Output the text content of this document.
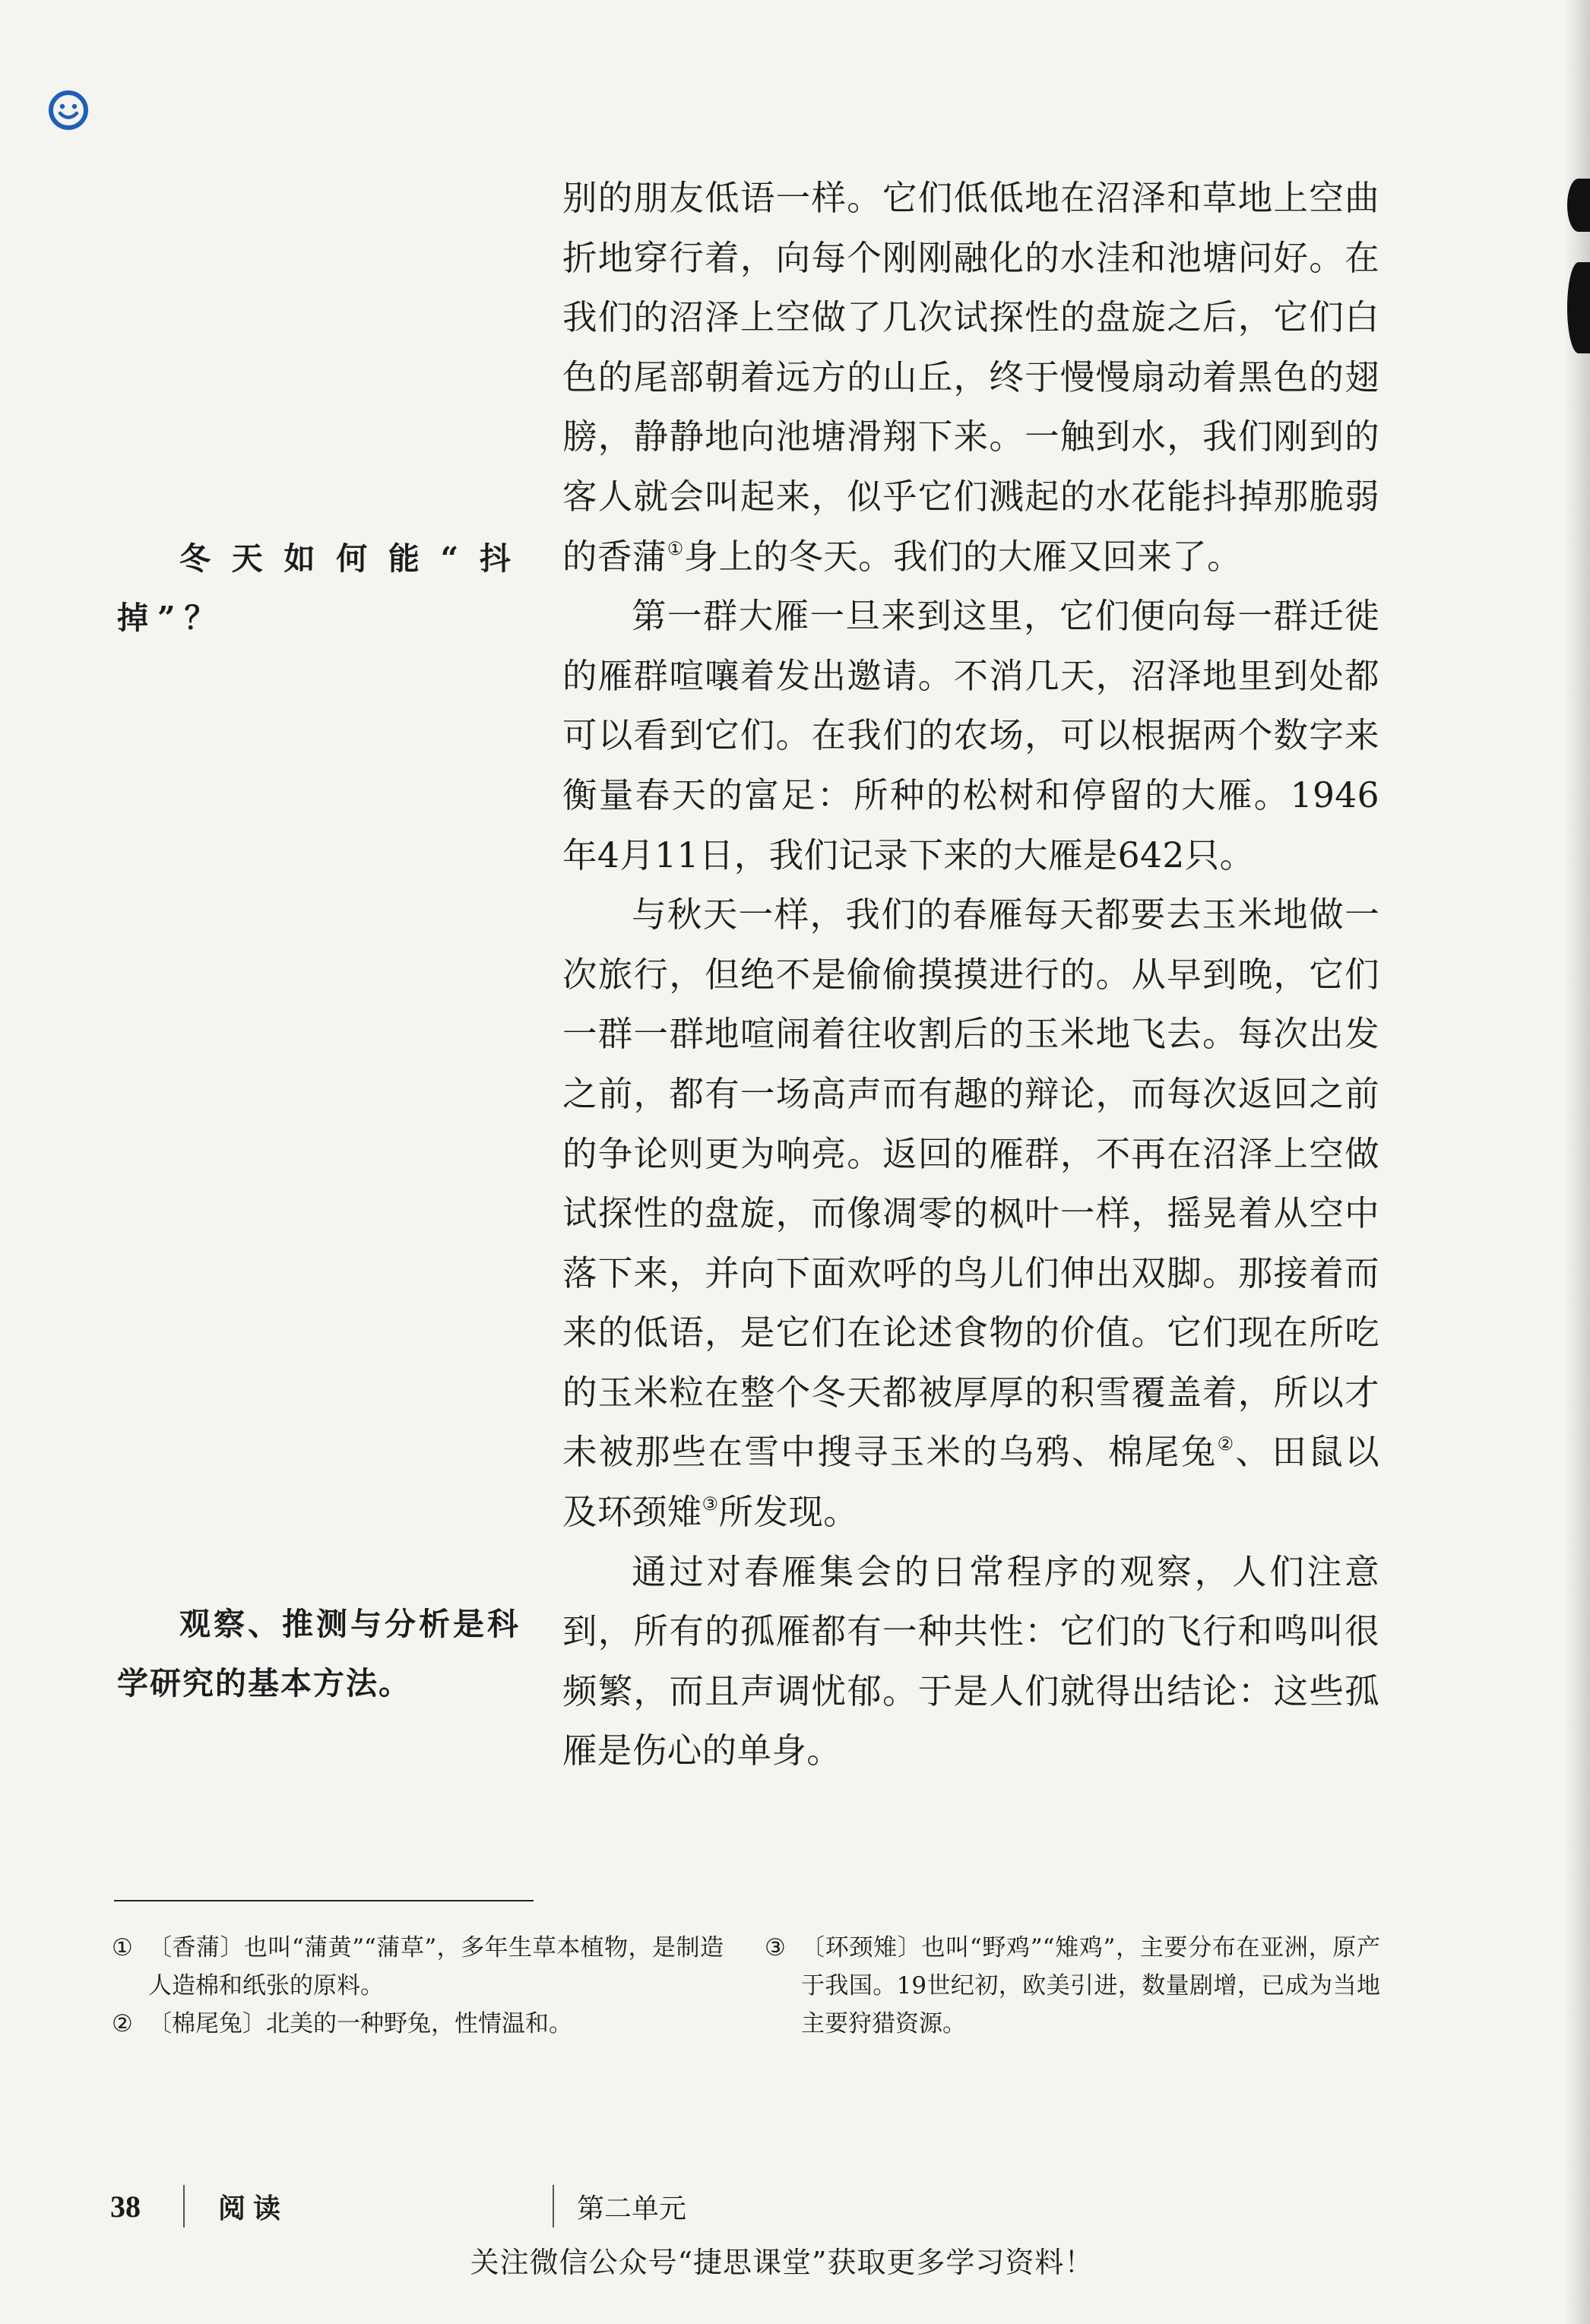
别的朋友低语一样。它们低低地在沼泽和草地上空曲折地穿行着，向每个刚刚融化的水洼和池塘问好。在我们的沼泽上空做了几次试探性的盘旋之后，它们白色的尾部朝着远方的山丘，终于慢慢扇动着黑色的翅膀，静静地向池塘滑翔下来。一触到水，我们刚到的客人就会叫起来，似乎它们溅起的水花能抖掉那脆弱的香蒲①身上的冬天。我们的大雁又回来了。

第一群大雁一旦来到这里，它们便向每一群迁徙的雁群喧嚷着发出邀请。不消几天，沼泽地里到处都可以看到它们。在我们的农场，可以根据两个数字来衡量春天的富足：所种的松树和停留的大雁。1946年4月11日，我们记录下来的大雁是642只。

与秋天一样，我们的春雁每天都要去玉米地做一次旅行，但绝不是偷偷摸摸进行的。从早到晚，它们一群一群地喧闹着往收割后的玉米地飞去。每次出发之前，都有一场高声而有趣的辩论，而每次返回之前的争论则更为响亮。返回的雁群，不再在沼泽上空做试探性的盘旋，而像凋零的枫叶一样，摇晃着从空中落下来，并向下面欢呼的鸟儿们伸出双脚。那接着而来的低语，是它们在论述食物的价值。它们现在所吃的玉米粒在整个冬天都被厚厚的积雪覆盖着，所以才未被那些在雪中搜寻玉米的乌鸦、棉尾兔②、田鼠以及环颈雉③所发现。

通过对春雁集会的日常程序的观察，人们注意到，所有的孤雁都有一种共性：它们的飞行和鸣叫很频繁，而且声调忧郁。于是人们就得出结论：这些孤雁是伤心的单身。

冬天如何能“抖掉”？

观察、推测与分析是科学研究的基本方法。

① 〔香蒲〕也叫“蒲黄”“蒲草”，多年生草本植物，是制造人造棉和纸张的原料。

② 〔棉尾兔〕北美的一种野兔，性情温和。

③ 〔环颈雉〕也叫“野鸡”“雉鸡”，主要分布在亚洲，原产于我国。19世纪初，欧美引进，数量剧增，已成为当地主要狩猎资源。

38	阅读	第二单元
关注微信公众号“捷思课堂”获取更多学习资料！
